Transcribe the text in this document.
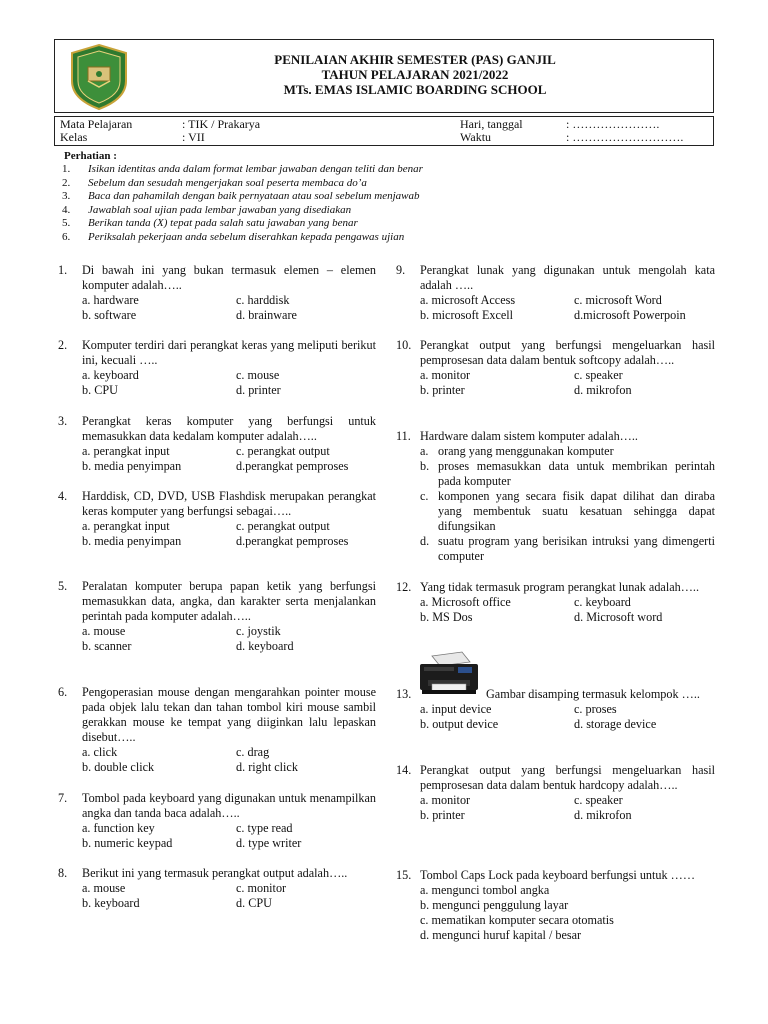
PENILAIAN AKHIR SEMESTER (PAS) GANJIL
TAHUN PELAJARAN 2021/2022
MTs. EMAS ISLAMIC BOARDING SCHOOL
Mata Pelajaran	: TIK / Prakarya
Kelas	: VII
Hari, tanggal	: ………………….
Waktu	: ……………………….
Perhatian :
1. Isikan identitas anda dalam format lembar jawaban dengan teliti dan benar
2. Sebelum dan sesudah mengerjakan soal peserta membaca do’a
3. Baca dan pahamilah dengan baik pernyataan atau soal sebelum menjawab
4. Jawablah soal ujian pada lembar jawaban yang disediakan
5. Berikan tanda (X) tepat pada salah satu jawaban yang benar
6. Periksalah pekerjaan anda sebelum diserahkan kepada pengawas ujian
1. Di bawah ini yang bukan termasuk elemen – elemen komputer adalah…..
a. hardware	c. harddisk
b. software	d. brainware
2. Komputer terdiri dari perangkat keras yang meliputi berikut ini, kecuali …..
a. keyboard	c. mouse
b. CPU	d. printer
3. Perangkat keras komputer yang berfungsi untuk memasukkan data kedalam komputer adalah…..
a. perangkat input	c. perangkat output
b. media penyimpan	d.perangkat pemproses
4. Harddisk, CD, DVD, USB Flashdisk merupakan perangkat keras komputer yang berfungsi sebagai…..
a. perangkat input	c. perangkat output
b. media penyimpan	d.perangkat pemproses
5. Peralatan komputer berupa papan ketik yang berfungsi memasukkan data, angka, dan karakter serta menjalankan perintah pada komputer adalah…..
a. mouse	c. joystik
b. scanner	d. keyboard
6. Pengoperasian mouse dengan mengarahkan pointer mouse pada objek lalu tekan dan tahan tombol kiri mouse sambil gerakkan mouse ke tempat yang diiginkan lalu lepaskan disebut…..
a. click	c. drag
b. double click	d. right click
7. Tombol pada keyboard yang digunakan untuk menampilkan angka dan tanda baca adalah…..
a. function key	c. type read
b. numeric keypad	d. type writer
8. Berikut ini yang termasuk perangkat output adalah…..
a. mouse	c. monitor
b. keyboard	d. CPU
9. Perangkat lunak yang digunakan untuk mengolah kata adalah …..
a. microsoft Access	c. microsoft Word
b. microsoft Excell	d.microsoft Powerpoin
10. Perangkat output yang berfungsi mengeluarkan hasil pemprosesan data dalam bentuk softcopy adalah…..
a. monitor	c. speaker
b. printer	d. mikrofon
11. Hardware dalam sistem komputer adalah…..
a. orang yang menggunakan komputer
b. proses memasukkan data untuk membrikan perintah pada komputer
c. komponen yang secara fisik dapat dilihat dan diraba yang membentuk suatu kesatuan sehingga dapat difungsikan
d. suatu program yang berisikan intruksi yang dimengerti computer
12. Yang tidak termasuk program perangkat lunak adalah…..
a. Microsoft office	c. keyboard
b. MS Dos	d. Microsoft word
13.	Gambar disamping termasuk kelompok …..
a. input device	c. proses
b. output device	d. storage device
14. Perangkat output yang berfungsi mengeluarkan hasil pemprosesan data dalam bentuk hardcopy adalah…..
a. monitor	c. speaker
b. printer	d. mikrofon
15. Tombol Caps Lock pada keyboard berfungsi untuk ……
a. mengunci tombol angka
b. mengunci penggulung layar
c. mematikan komputer secara otomatis
d. mengunci huruf kapital / besar
